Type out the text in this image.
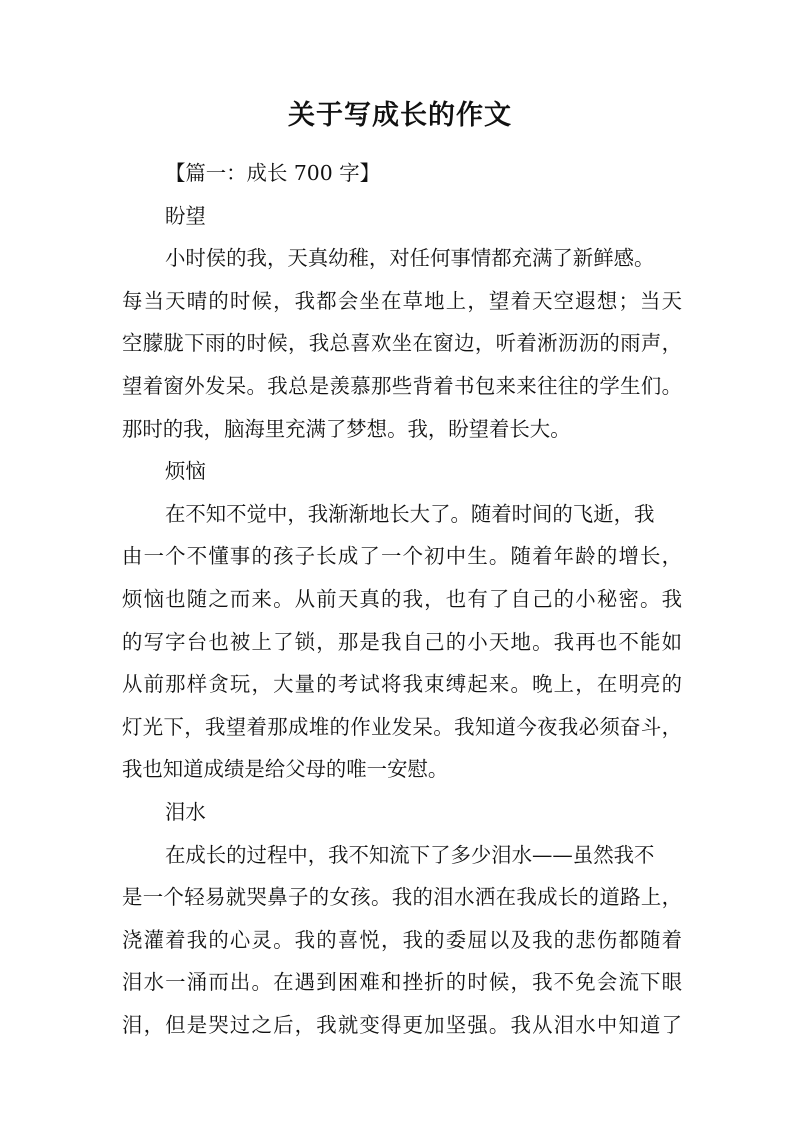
关于写成长的作文
【篇一：成长 700 字】
盼望
小时侯的我，天真幼稚，对任何事情都充满了新鲜感。
每当天晴的时候，我都会坐在草地上，望着天空遐想；当天
空朦胧下雨的时候，我总喜欢坐在窗边，听着淅沥沥的雨声，
望着窗外发呆。我总是羡慕那些背着书包来来往往的学生们。
那时的我，脑海里充满了梦想。我，盼望着长大。
烦恼
在不知不觉中，我渐渐地长大了。随着时间的飞逝，我
由一个不懂事的孩子长成了一个初中生。随着年龄的增长，
烦恼也随之而来。从前天真的我，也有了自己的小秘密。我
的写字台也被上了锁，那是我自己的小天地。我再也不能如
从前那样贪玩，大量的考试将我束缚起来。晚上，在明亮的
灯光下，我望着那成堆的作业发呆。我知道今夜我必须奋斗，
我也知道成绩是给父母的唯一安慰。
泪水
在成长的过程中，我不知流下了多少泪水——虽然我不
是一个轻易就哭鼻子的女孩。我的泪水洒在我成长的道路上，
浇灌着我的心灵。我的喜悦，我的委屈以及我的悲伤都随着
泪水一涌而出。在遇到困难和挫折的时候，我不免会流下眼
泪，但是哭过之后，我就变得更加坚强。我从泪水中知道了
